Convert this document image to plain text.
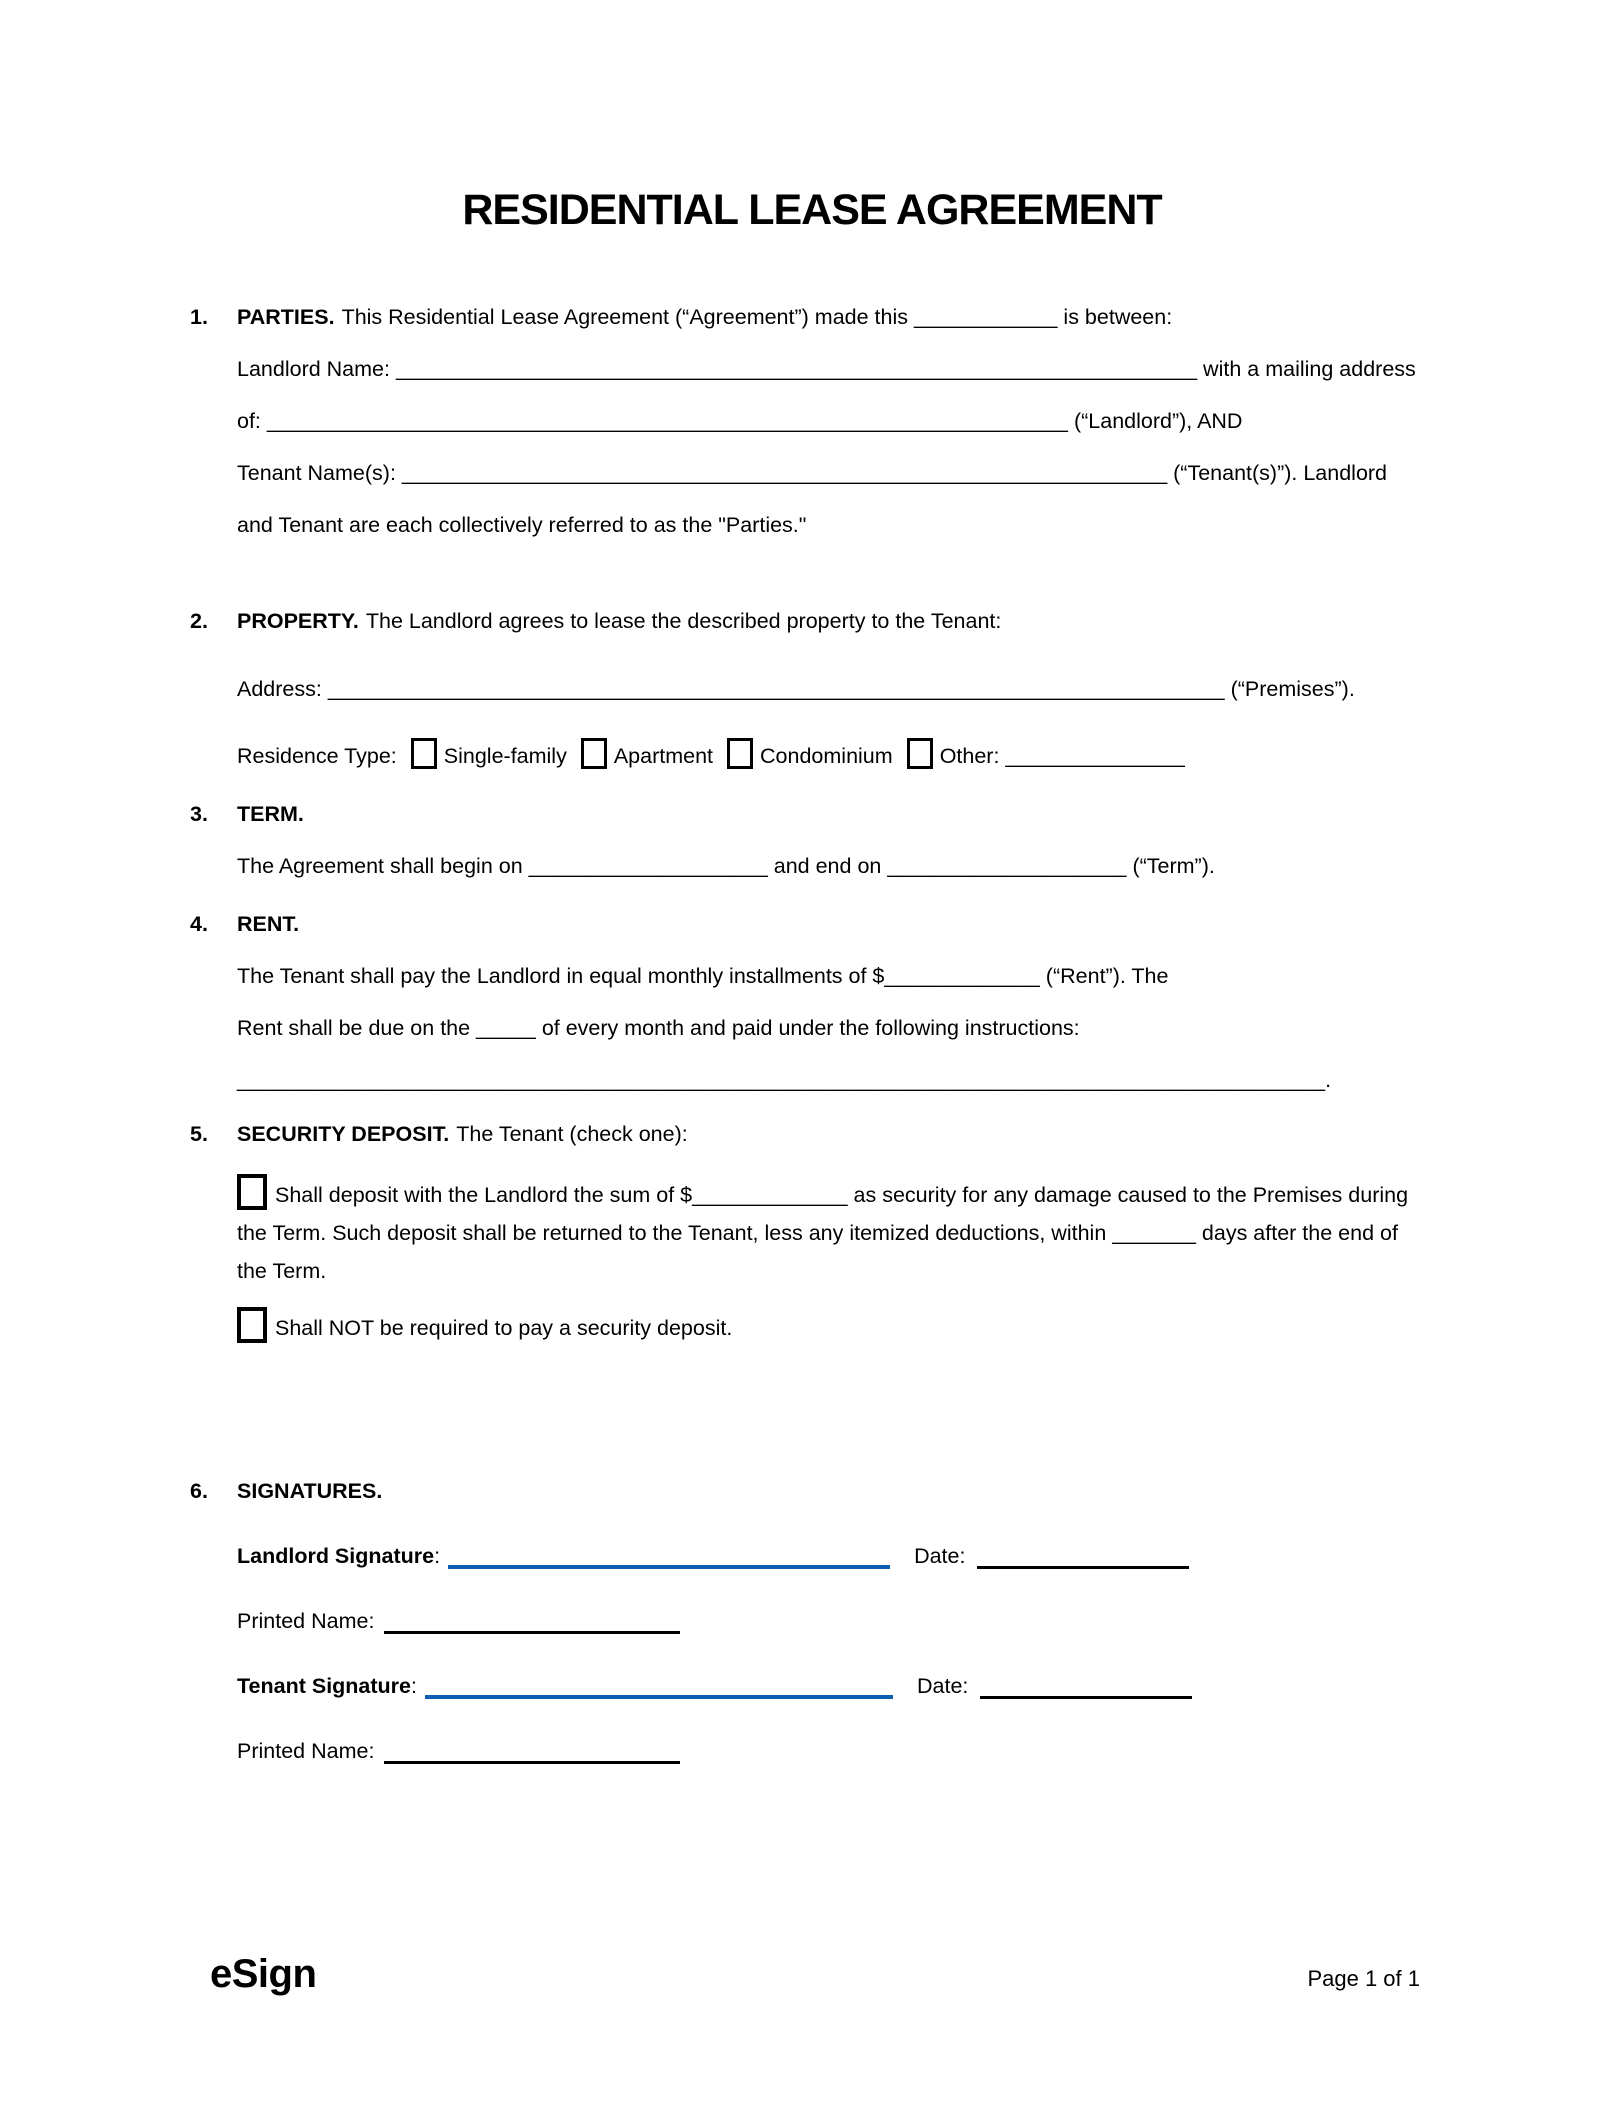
RESIDENTIAL LEASE AGREEMENT
1.	PARTIES. This Residential Lease Agreement (“Agreement”) made this ____________ is between:
Landlord Name: ___________________________________________________________________ with a mailing address
of: ___________________________________________________________________ (“Landlord”), AND
Tenant Name(s): ________________________________________________________________ (“Tenant(s)”). Landlord
and Tenant are each collectively referred to as the "Parties."
2.	PROPERTY. The Landlord agrees to lease the described property to the Tenant:
Address: ___________________________________________________________________________ (“Premises”).
Residence Type: Single-family Apartment Condominium Other: _______________
3.	TERM.
The Agreement shall begin on ____________________ and end on ____________________ (“Term”).
4.	RENT.
The Tenant shall pay the Landlord in equal monthly installments of $_____________ (“Rent”). The
Rent shall be due on the _____ of every month and paid under the following instructions:
___________________________________________________________________________________________.
5.	SECURITY DEPOSIT. The Tenant (check one):
Shall deposit with the Landlord the sum of $_____________ as security for any damage caused to the Premises during the Term. Such deposit shall be returned to the Tenant, less any itemized deductions, within _______ days after the end of the Term.
Shall NOT be required to pay a security deposit.
6.	SIGNATURES.
Landlord Signature:	Date:
Printed Name:
Tenant Signature:	Date:
Printed Name:
eSign	Page 1 of 1
